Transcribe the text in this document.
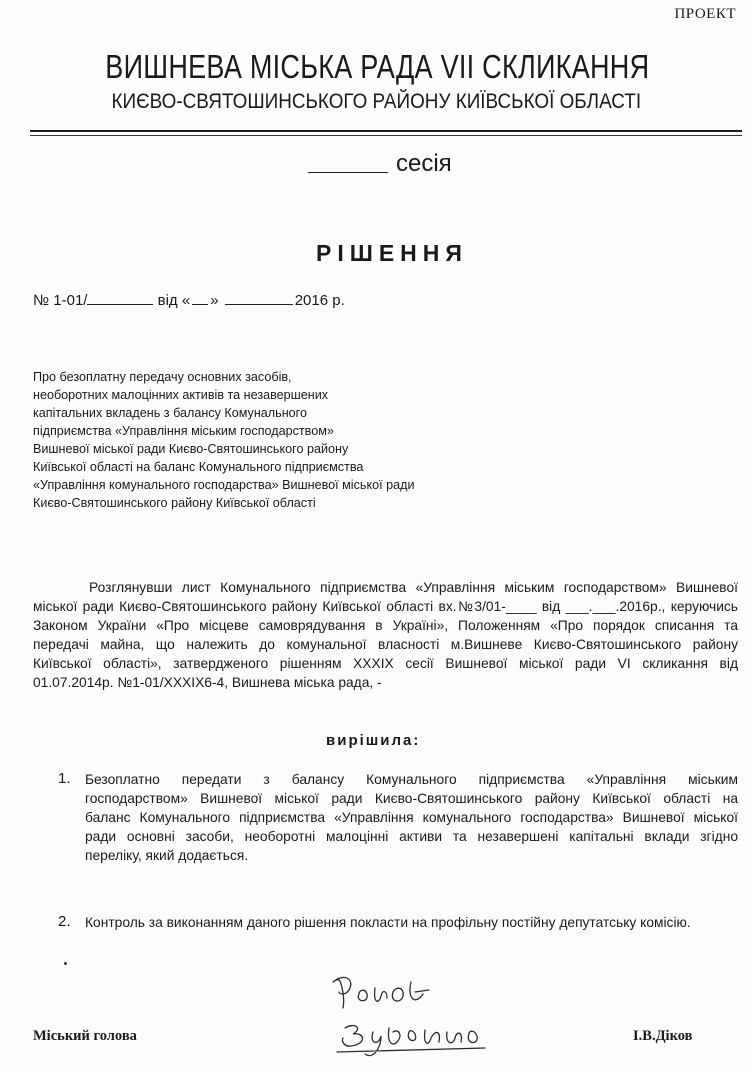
ПРОЕКТ
ВИШНЕВА МІСЬКА РАДА VII СКЛИКАННЯ
КИЄВО-СВЯТОШИНСЬКОГО РАЙОНУ КИЇВСЬКОЇ ОБЛАСТІ
сесія
РІШЕННЯ
№ 1-01/	від « »	2016 р.
Про безоплатну передачу основних засобів,
необоротних малоцінних активів та незавершених
капітальних вкладень з балансу Комунального
підприємства «Управління міським господарством»
Вишневої міської ради Києво-Святошинського району
Київської області на баланс Комунального підприємства
«Управління комунального господарства» Вишневої міської ради
Києво-Святошинського району Київської області
Розглянувши лист Комунального підприємства «Управління міським господарством» Вишневої
міської ради Києво-Святошинського району Київської області вх.№3/01-____ від ___.___.2016р., керуючись
Законом України «Про місцеве самоврядування в Україні», Положенням «Про порядок списання та
передачі майна, що належить до комунальної власності м.Вишневе Києво-Святошинського району
Київської області», затвердженого рішенням XXXIX сесії Вишневої міської ради VI скликання від
01.07.2014р. №1-01/XXXIX6-4, Вишнева міська рада, -
вирішила:
1. Безоплатно передати з балансу Комунального підприємства «Управління міським
господарством» Вишневої міської ради Києво-Святошинського району Київської області на
баланс Комунального підприємства «Управління комунального господарства» Вишневої міської
ради основні засоби, необоротні малоцінні активи та незавершені капітальні вклади згідно
переліку, який додається.
2. Контроль за виконанням даного рішення покласти на профільну постійну депутатську комісію.
Міський голова	І.В.Діков
